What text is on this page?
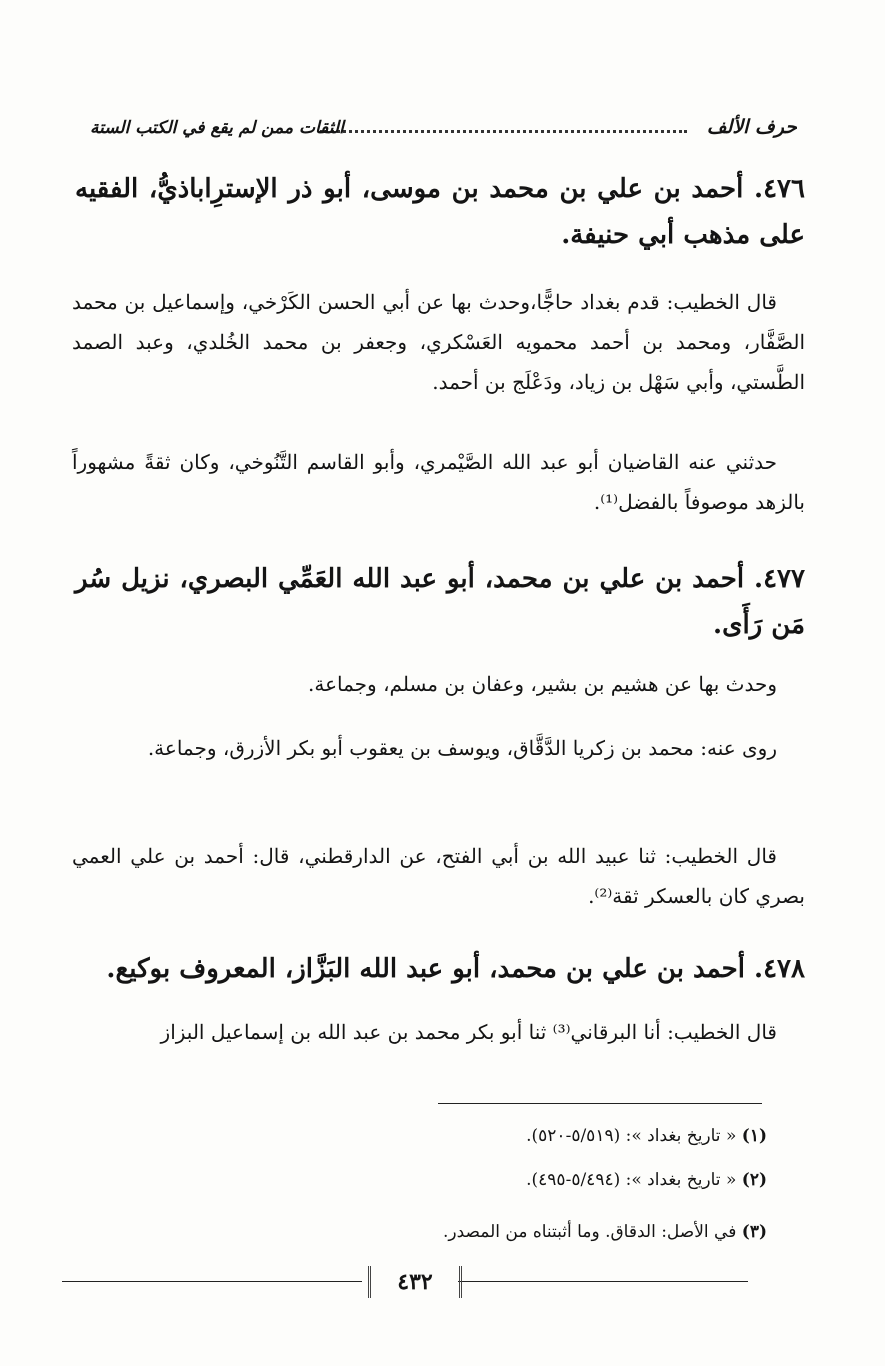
حرف الألف
الثقات ممن لم يقع في الكتب الستة
٤٧٦. أحمد بن علي بن محمد بن موسى، أبو ذر الإسترِاباذيُّ، الفقيه على مذهب أبي حنيفة.
قال الخطيب: قدم بغداد حاجًّا،وحدث بها عن أبي الحسن الكَرْخي، وإسماعيل بن محمد الصَّفَّار، ومحمد بن أحمد محمويه العَسْكري، وجعفر بن محمد الخُلدي، وعبد الصمد الطَّستي، وأبي سَهْل بن زياد، ودَعْلَج بن أحمد.
حدثني عنه القاضيان أبو عبد الله الصَّيْمري، وأبو القاسم التَّنُوخي، وكان ثقةً مشهوراً بالزهد موصوفاً بالفضل⁽¹⁾.
٤٧٧. أحمد بن علي بن محمد، أبو عبد الله العَمِّي البصري، نزيل سُر مَن رَأَى.
وحدث بها عن هشيم بن بشير، وعفان بن مسلم، وجماعة.
روى عنه: محمد بن زكريا الدَّقَّاق، ويوسف بن يعقوب أبو بكر الأزرق، وجماعة.
قال الخطيب: ثنا عبيد الله بن أبي الفتح، عن الدارقطني، قال: أحمد بن علي العمي بصري كان بالعسكر ثقة⁽²⁾.
٤٧٨. أحمد بن علي بن محمد، أبو عبد الله البَزَّاز، المعروف بوكيع.
قال الخطيب: أنا البرقاني⁽³⁾ ثنا أبو بكر محمد بن عبد الله بن إسماعيل البزاز
(١) « تاريخ بغداد »: (٥/٥١٩-٥٢٠).
(٢) « تاريخ بغداد »: (٥/٤٩٤-٤٩٥).
(٣) في الأصل: الدقاق. وما أثبتناه من المصدر.
٤٣٢
